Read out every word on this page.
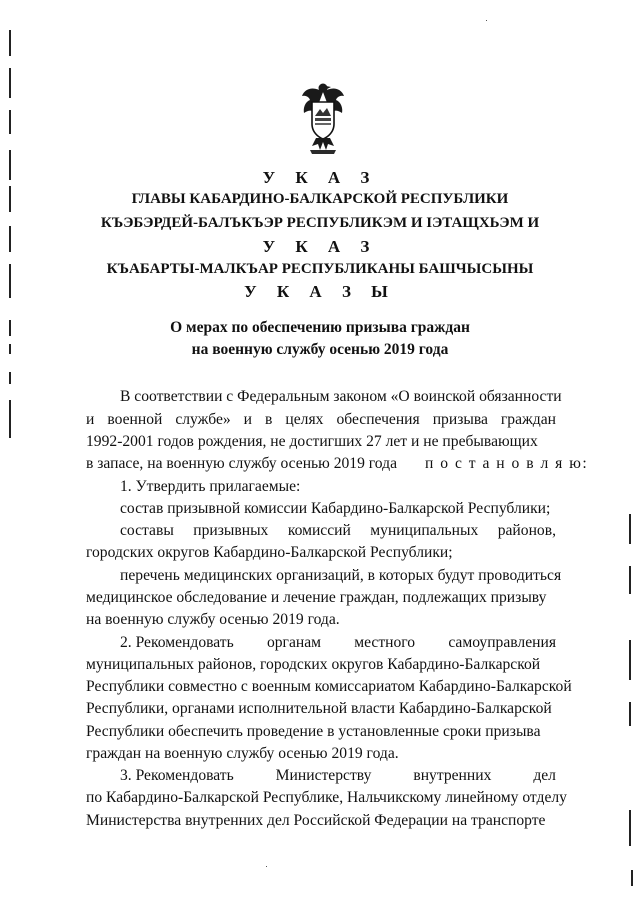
У К А З
ГЛАВЫ КАБАРДИНО-БАЛКАРСКОЙ РЕСПУБЛИКИ
КЪЭБЭРДЕЙ-БАЛЪКЪЭР РЕСПУБЛИКЭМ И ІЭТАЩХЬЭМ И
У К А З
КЪАБАРТЫ-МАЛКЪАР РЕСПУБЛИКАНЫ БАШЧЫСЫНЫ
У К А З Ы
О мерах по обеспечению призыва граждан
на военную службу осенью 2019 года
В соответствии с Федеральным законом «О воинской обязанности
и военной службе» и в целях обеспечения призыва граждан
1992-2001 годов рождения, не достигших 27 лет и не пребывающих
в запасе, на военную службу осенью 2019 года п о с т а н о в л я ю:
1. Утвердить прилагаемые:
состав призывной комиссии Кабардино-Балкарской Республики;
составы призывных комиссий муниципальных районов,
городских округов Кабардино-Балкарской Республики;
перечень медицинских организаций, в которых будут проводиться
медицинское обследование и лечение граждан, подлежащих призыву
на военную службу осенью 2019 года.
2. Рекомендовать органам местного самоуправления
муниципальных районов, городских округов Кабардино-Балкарской
Республики совместно с военным комиссариатом Кабардино-Балкарской
Республики, органами исполнительной власти Кабардино-Балкарской
Республики обеспечить проведение в установленные сроки призыва
граждан на военную службу осенью 2019 года.
3. Рекомендовать	Министерству	внутренних	дел
по Кабардино-Балкарской Республике, Нальчикскому линейному отделу
Министерства внутренних дел Российской Федерации на транспорте
